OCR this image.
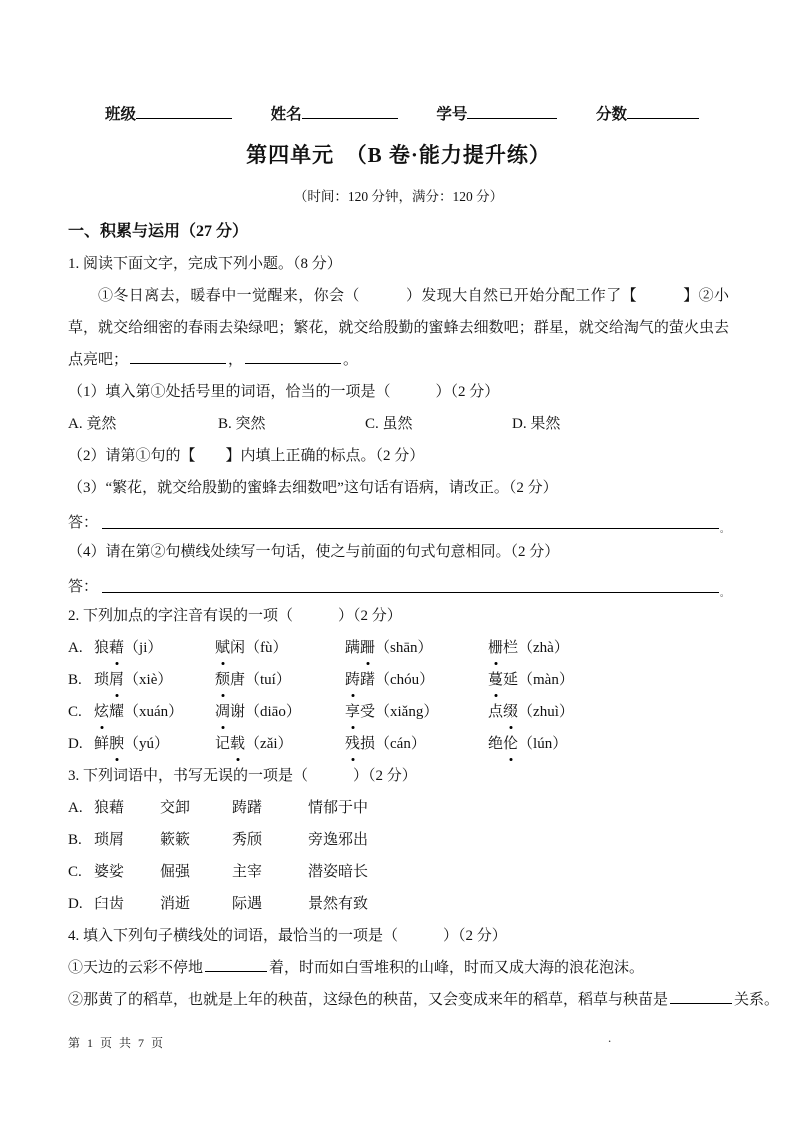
班级	姓名	学号	分数
第四单元　（B 卷·能力提升练）
（时间：120 分钟，满分：120 分）
一、积累与运用（27 分）
1. 阅读下面文字，完成下列小题。（8 分）
①冬日离去，暖春中一觉醒来，你会（　　　）发现大自然已开始分配工作了【　　　】②小草，就交给细密的春雨去染绿吧；繁花，就交给殷勤的蜜蜂去细数吧；群星，就交给淘气的萤火虫去点亮吧；	，	。
（1）填入第①处括号里的词语，恰当的一项是（　　　）（2 分）
A. 竟然	B. 突然	C. 虽然	D. 果然
（2）请第①句的【　　】内填上正确的标点。（2 分）
（3）“繁花，就交给殷勤的蜜蜂去细数吧”这句话有语病，请改正。（2 分）
答：	。
（4）请在第②句横线处续写一句话，使之与前面的句式句意相同。（2 分）
答：	。
2. 下列加点的字注音有误的一项（　　　）（2 分）
A. 狼藉（ji）	赋闲（fù）	蹒跚（shān）	栅栏（zhà）
B. 琐屑（xiè）	颓唐（tuí）	踌躇（chóu）	蔓延（màn）
C. 炫耀（xuán）	凋谢（diāo）	享受（xiǎng）	点缀（zhuì）
D. 鲜腴（yú）	记载（zǎi）	残损（cán）	绝伦（lún）
3. 下列词语中，书写无误的一项是（　　　）（2 分）
A. 狼藉	交卸	踌躇	情郁于中
B. 琐屑	簌簌	秀颀	旁逸邪出
C. 婆娑	倔强	主宰	潜姿暗长
D. 臼齿	消逝	际遇	景然有致
4. 填入下列句子横线处的词语，最恰当的一项是（　　　）（2 分）
①天边的云彩不停地	着，时而如白雪堆积的山峰，时而又成大海的浪花泡沫。
②那黄了的稻草，也就是上年的秧苗，这绿色的秧苗，又会变成来年的稻草，稻草与秧苗是	关系。
第 1 页 共 7 页	.
